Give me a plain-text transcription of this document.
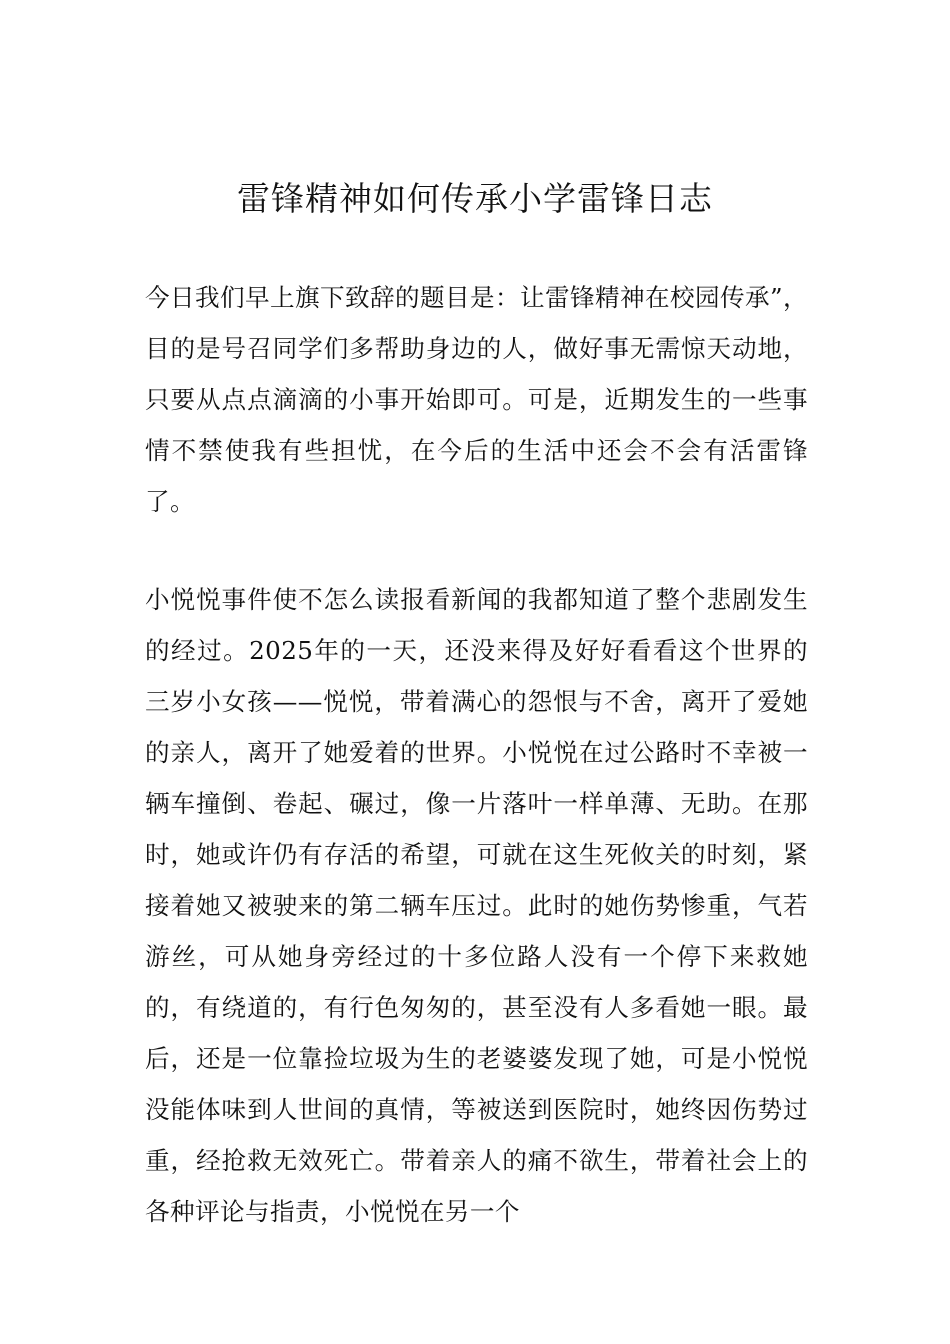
雷锋精神如何传承小学雷锋日志

今日我们早上旗下致辞的题目是：让雷锋精神在校园传承”，目的是号召同学们多帮助身边的人，做好事无需惊天动地，只要从点点滴滴的小事开始即可。可是，近期发生的一些事情不禁使我有些担忧，在今后的生活中还会不会有活雷锋了。

小悦悦事件使不怎么读报看新闻的我都知道了整个悲剧发生的经过。2025年的一天，还没来得及好好看看这个世界的三岁小女孩——悦悦，带着满心的怨恨与不舍，离开了爱她的亲人，离开了她爱着的世界。小悦悦在过公路时不幸被一辆车撞倒、卷起、碾过，像一片落叶一样单薄、无助。在那时，她或许仍有存活的希望，可就在这生死攸关的时刻，紧接着她又被驶来的第二辆车压过。此时的她伤势惨重，气若游丝，可从她身旁经过的十多位路人没有一个停下来救她的，有绕道的，有行色匆匆的，甚至没有人多看她一眼。最后，还是一位靠捡垃圾为生的老婆婆发现了她，可是小悦悦没能体味到人世间的真情，等被送到医院时，她终因伤势过重，经抢救无效死亡。带着亲人的痛不欲生，带着社会上的各种评论与指责，小悦悦在另一个
